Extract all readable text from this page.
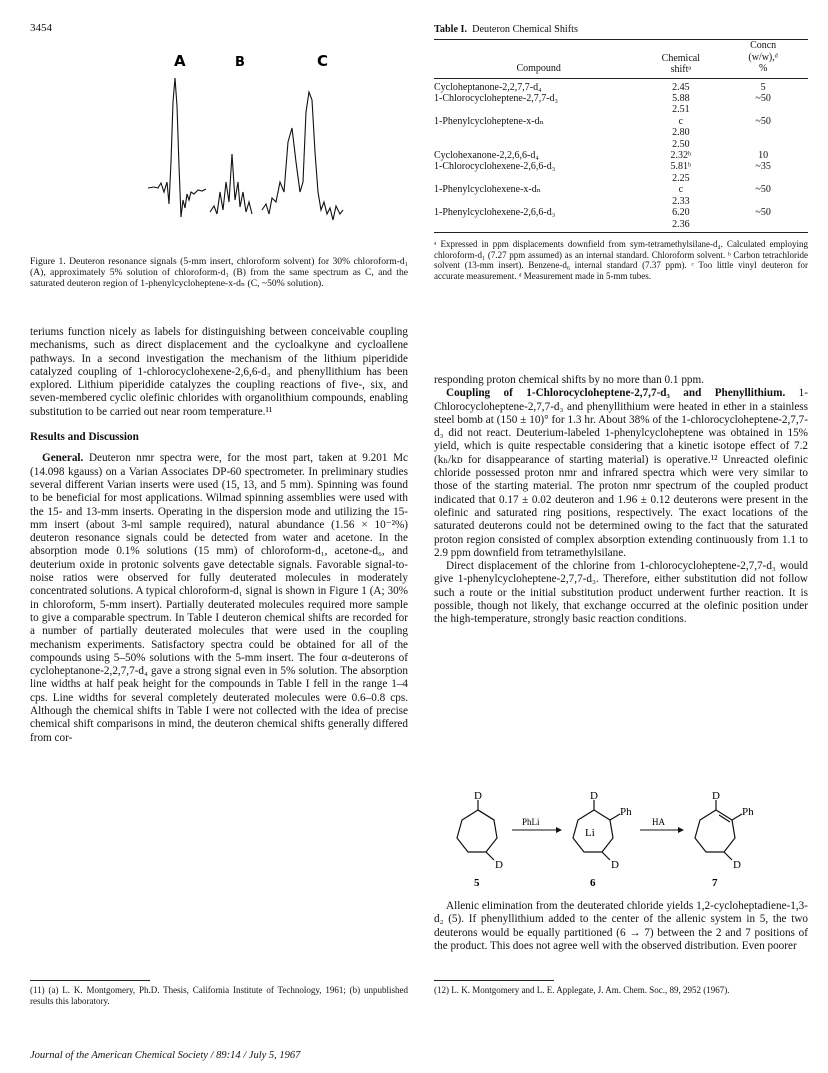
3454
A	B	C
Figure 1. Deuteron resonance signals (5-mm insert, chloroform solvent) for 30% chloroform-d₁ (A), approximately 5% solution of chloroform-d₁ (B) from the same spectrum as C, and the saturated deuteron region of 1-phenylcycloheptene-x-dₙ (C, ~50% solution).

teriums function nicely as labels for distinguishing between conceivable coupling mechanisms, such as direct displacement and the cycloalkyne and cycloallene pathways. In a second investigation the mechanism of the lithium piperidide catalyzed coupling of 1-chlorocyclohexene-2,6,6-d₃ and phenyllithium has been explored. Lithium piperidide catalyzes the coupling reactions of five-, six, and seven-membered cyclic olefinic chlorides with organolithium compounds, enabling substitution to be carried out near room temperature.¹¹

Results and Discussion

General. Deuteron nmr spectra were, for the most part, taken at 9.201 Mc (14.098 kgauss) on a Varian Associates DP-60 spectrometer. In preliminary studies several different Varian inserts were used (15, 13, and 5 mm). Spinning was found to be beneficial for most applications. Wilmad spinning assemblies were used with the 15- and 13-mm inserts. Operating in the dispersion mode and utilizing the 15-mm insert (about 3-ml sample required), natural abundance (1.56 × 10⁻²%) deuteron resonance signals could be detected from water and acetone. In the absorption mode 0.1% solutions (15 mm) of chloroform-d₁, acetone-d₆, and deuterium oxide in protonic solvents gave detectable signals. Favorable signal-to-noise ratios were observed for fully deuterated molecules in moderately concentrated solutions. A typical chloroform-d₁ signal is shown in Figure 1 (A; 30% in chloroform, 5-mm insert). Partially deuterated molecules required more sample to give a comparable spectrum. In Table I deuteron chemical shifts are recorded for a number of partially deuterated molecules that were used in the coupling mechanism experiments. Satisfactory spectra could be obtained for all of the compounds using 5–50% solutions with the 5-mm insert. The four α-deuterons of cycloheptanone-2,2,7,7-d₄ gave a strong signal even in 5% solution. The absorption line widths at half peak height for the compounds in Table I fell in the range 1–4 cps. Line widths for several completely deuterated molecules were 0.6–0.8 cps. Although the chemical shifts in Table I were not collected with the idea of precise chemical shift comparisons in mind, the deuteron chemical shifts generally differed from cor-

(11) (a) L. K. Montgomery, Ph.D. Thesis, California Institute of Technology, 1961; (b) unpublished results this laboratory.
Table I. Deuteron Chemical Shifts
Compound	Chemical shiftᵃ	Concn
(w/w),ᵈ
%

Cycloheptanone-2,2,7,7-d₄	2.45	5
1-Chlorocycloheptene-2,7,7-d₃	5.88	~50
	2.51	
1-Phenylcycloheptene-x-dₙ	c	~50
	2.80	
	2.50	
Cyclohexanone-2,2,6,6-d₄	2.32ᵇ	10
1-Chlorocyclohexene-2,6,6-d₃	5.81ᵇ	~35
	2.25	
1-Phenylcyclohexene-x-dₙ	c	~50
	2.33	
1-Phenylcyclohexene-2,6,6-d₃	6.20	~50
	2.36	
ᵃ Expressed in ppm displacements downfield from sym-tetramethylsilane-d₄. Calculated employing chloroform-d₁ (7.27 ppm assumed) as an internal standard. Chloroform solvent. ᵇ Carbon tetrachloride solvent (13-mm insert). Benzene-d₆ internal standard (7.37 ppm). ᶜ Too little vinyl deuteron for accurate measurement. ᵈ Measurement made in 5-mm tubes.

responding proton chemical shifts by no more than 0.1 ppm.

Coupling of 1-Chlorocycloheptene-2,7,7-d₃ and Phenyllithium. 1-Chlorocycloheptene-2,7,7-d₃ and phenyllithium were heated in ether in a stainless steel bomb at (150 ± 10)° for 1.3 hr. About 38% of the 1-chlorocycloheptene-2,7,7-d₃ did not react. Deuterium-labeled 1-phenylcycloheptene was obtained in 15% yield, which is quite respectable considering that a kinetic isotope effect of 7.2 (kₕ/kᴅ for disappearance of starting material) is operative.¹² Unreacted olefinic chloride possessed proton nmr and infrared spectra which were very similar to those of the starting material. The proton nmr spectrum of the coupled product indicated that 0.17 ± 0.02 deuteron and 1.96 ± 0.12 deuterons were present in the olefinic and saturated ring positions, respectively. The exact locations of the saturated deuterons could not be determined owing to the fact that the saturated proton region consisted of complex absorption extending continuously from 1.1 to 2.9 ppm downfield from tetramethylsilane.

Direct displacement of the chlorine from 1-chlorocycloheptene-2,7,7-d₃ would give 1-phenylcycloheptene-2,7,7-d₃. Therefore, either substitution did not follow such a route or the initial substitution product underwent further reaction. It is possible, though not likely, that exchange occurred at the olefinic position under the high-temperature, strongly basic reaction conditions.

D
D
5
PhLi
D
Ph
Li
D
6
HA
D
Ph
D
7

Allenic elimination from the deuterated chloride yields 1,2-cycloheptadiene-1,3-d₂ (5). If phenyllithium added to the center of the allenic system in 5, the two deuterons would be equally partitioned (6 → 7) between the 2 and 7 positions of the product. This does not agree well with the observed distribution. Even poorer

(12) L. K. Montgomery and L. E. Applegate, J. Am. Chem. Soc., 89, 2952 (1967).
Journal of the American Chemical Society / 89:14 / July 5, 1967
